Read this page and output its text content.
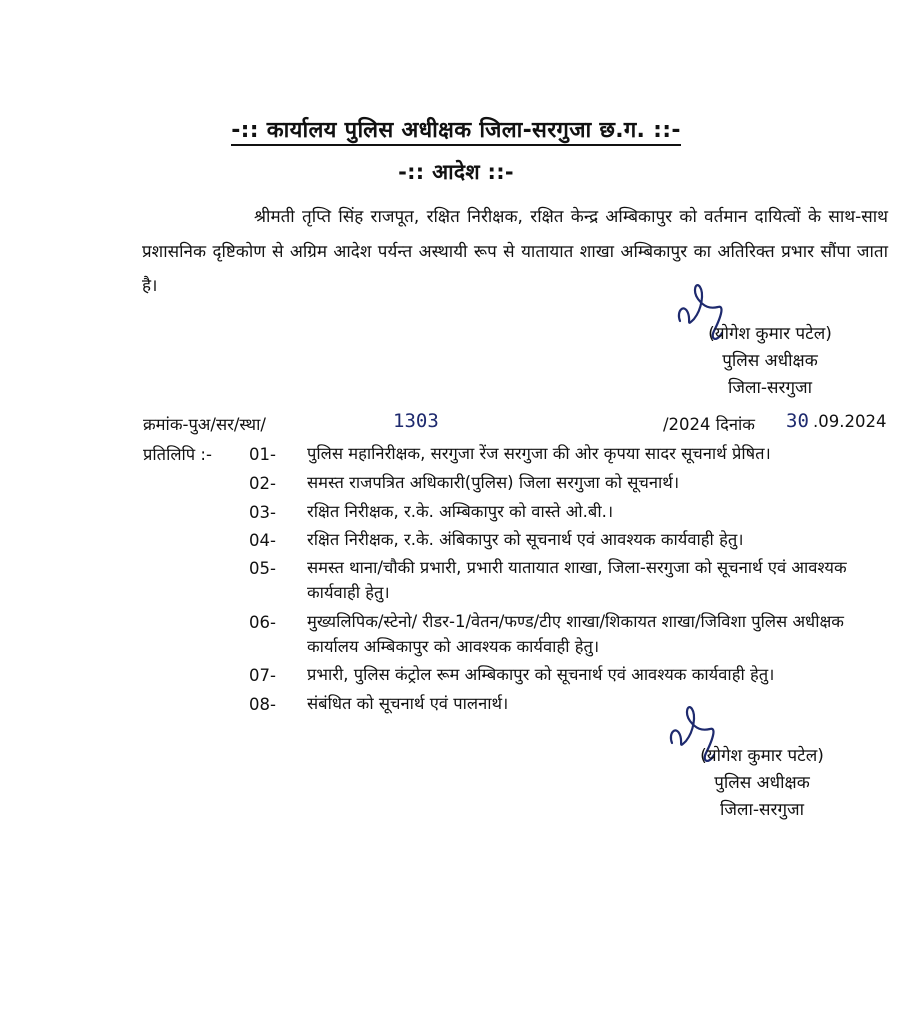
-:: कार्यालय पुलिस अधीक्षक जिला-सरगुजा छ.ग. ::-
-:: आदेश ::-
श्रीमती तृप्ति सिंह राजपूत, रक्षित निरीक्षक, रक्षित केन्द्र अम्बिकापुर को वर्तमान दायित्वों के साथ-साथ प्रशासनिक दृष्टिकोण से अग्रिम आदेश पर्यन्त अस्थायी रूप से यातायात शाखा अम्बिकापुर का अतिरिक्त प्रभार सौंपा जाता है।
(योगेश कुमार पटेल)
पुलिस अधीक्षक
जिला-सरगुजा
क्रमांक-पुअ/सर/स्था/	1303	/2024 दिनांक 30 .09.2024
प्रतिलिपि :- 01- पुलिस महानिरीक्षक, सरगुजा रेंज सरगुजा की ओर कृपया सादर सूचनार्थ प्रेषित।
02- समस्त राजपत्रित अधिकारी(पुलिस) जिला सरगुजा को सूचनार्थ।
03- रक्षित निरीक्षक, र.के. अम्बिकापुर को वास्ते ओ.बी.।
04- रक्षित निरीक्षक, र.के. अंबिकापुर को सूचनार्थ एवं आवश्यक कार्यवाही हेतु।
05- समस्त थाना/चौकी प्रभारी, प्रभारी यातायात शाखा, जिला-सरगुजा को सूचनार्थ एवं आवश्यक कार्यवाही हेतु।
06- मुख्यलिपिक/स्टेनो/ रीडर-1/वेतन/फण्ड/टीए शाखा/शिकायत शाखा/जिविशा पुलिस अधीक्षक कार्यालय अम्बिकापुर को आवश्यक कार्यवाही हेतु।
07- प्रभारी, पुलिस कंट्रोल रूम अम्बिकापुर को सूचनार्थ एवं आवश्यक कार्यवाही हेतु।
08- संबंधित को सूचनार्थ एवं पालनार्थ।
(योगेश कुमार पटेल)
पुलिस अधीक्षक
जिला-सरगुजा
